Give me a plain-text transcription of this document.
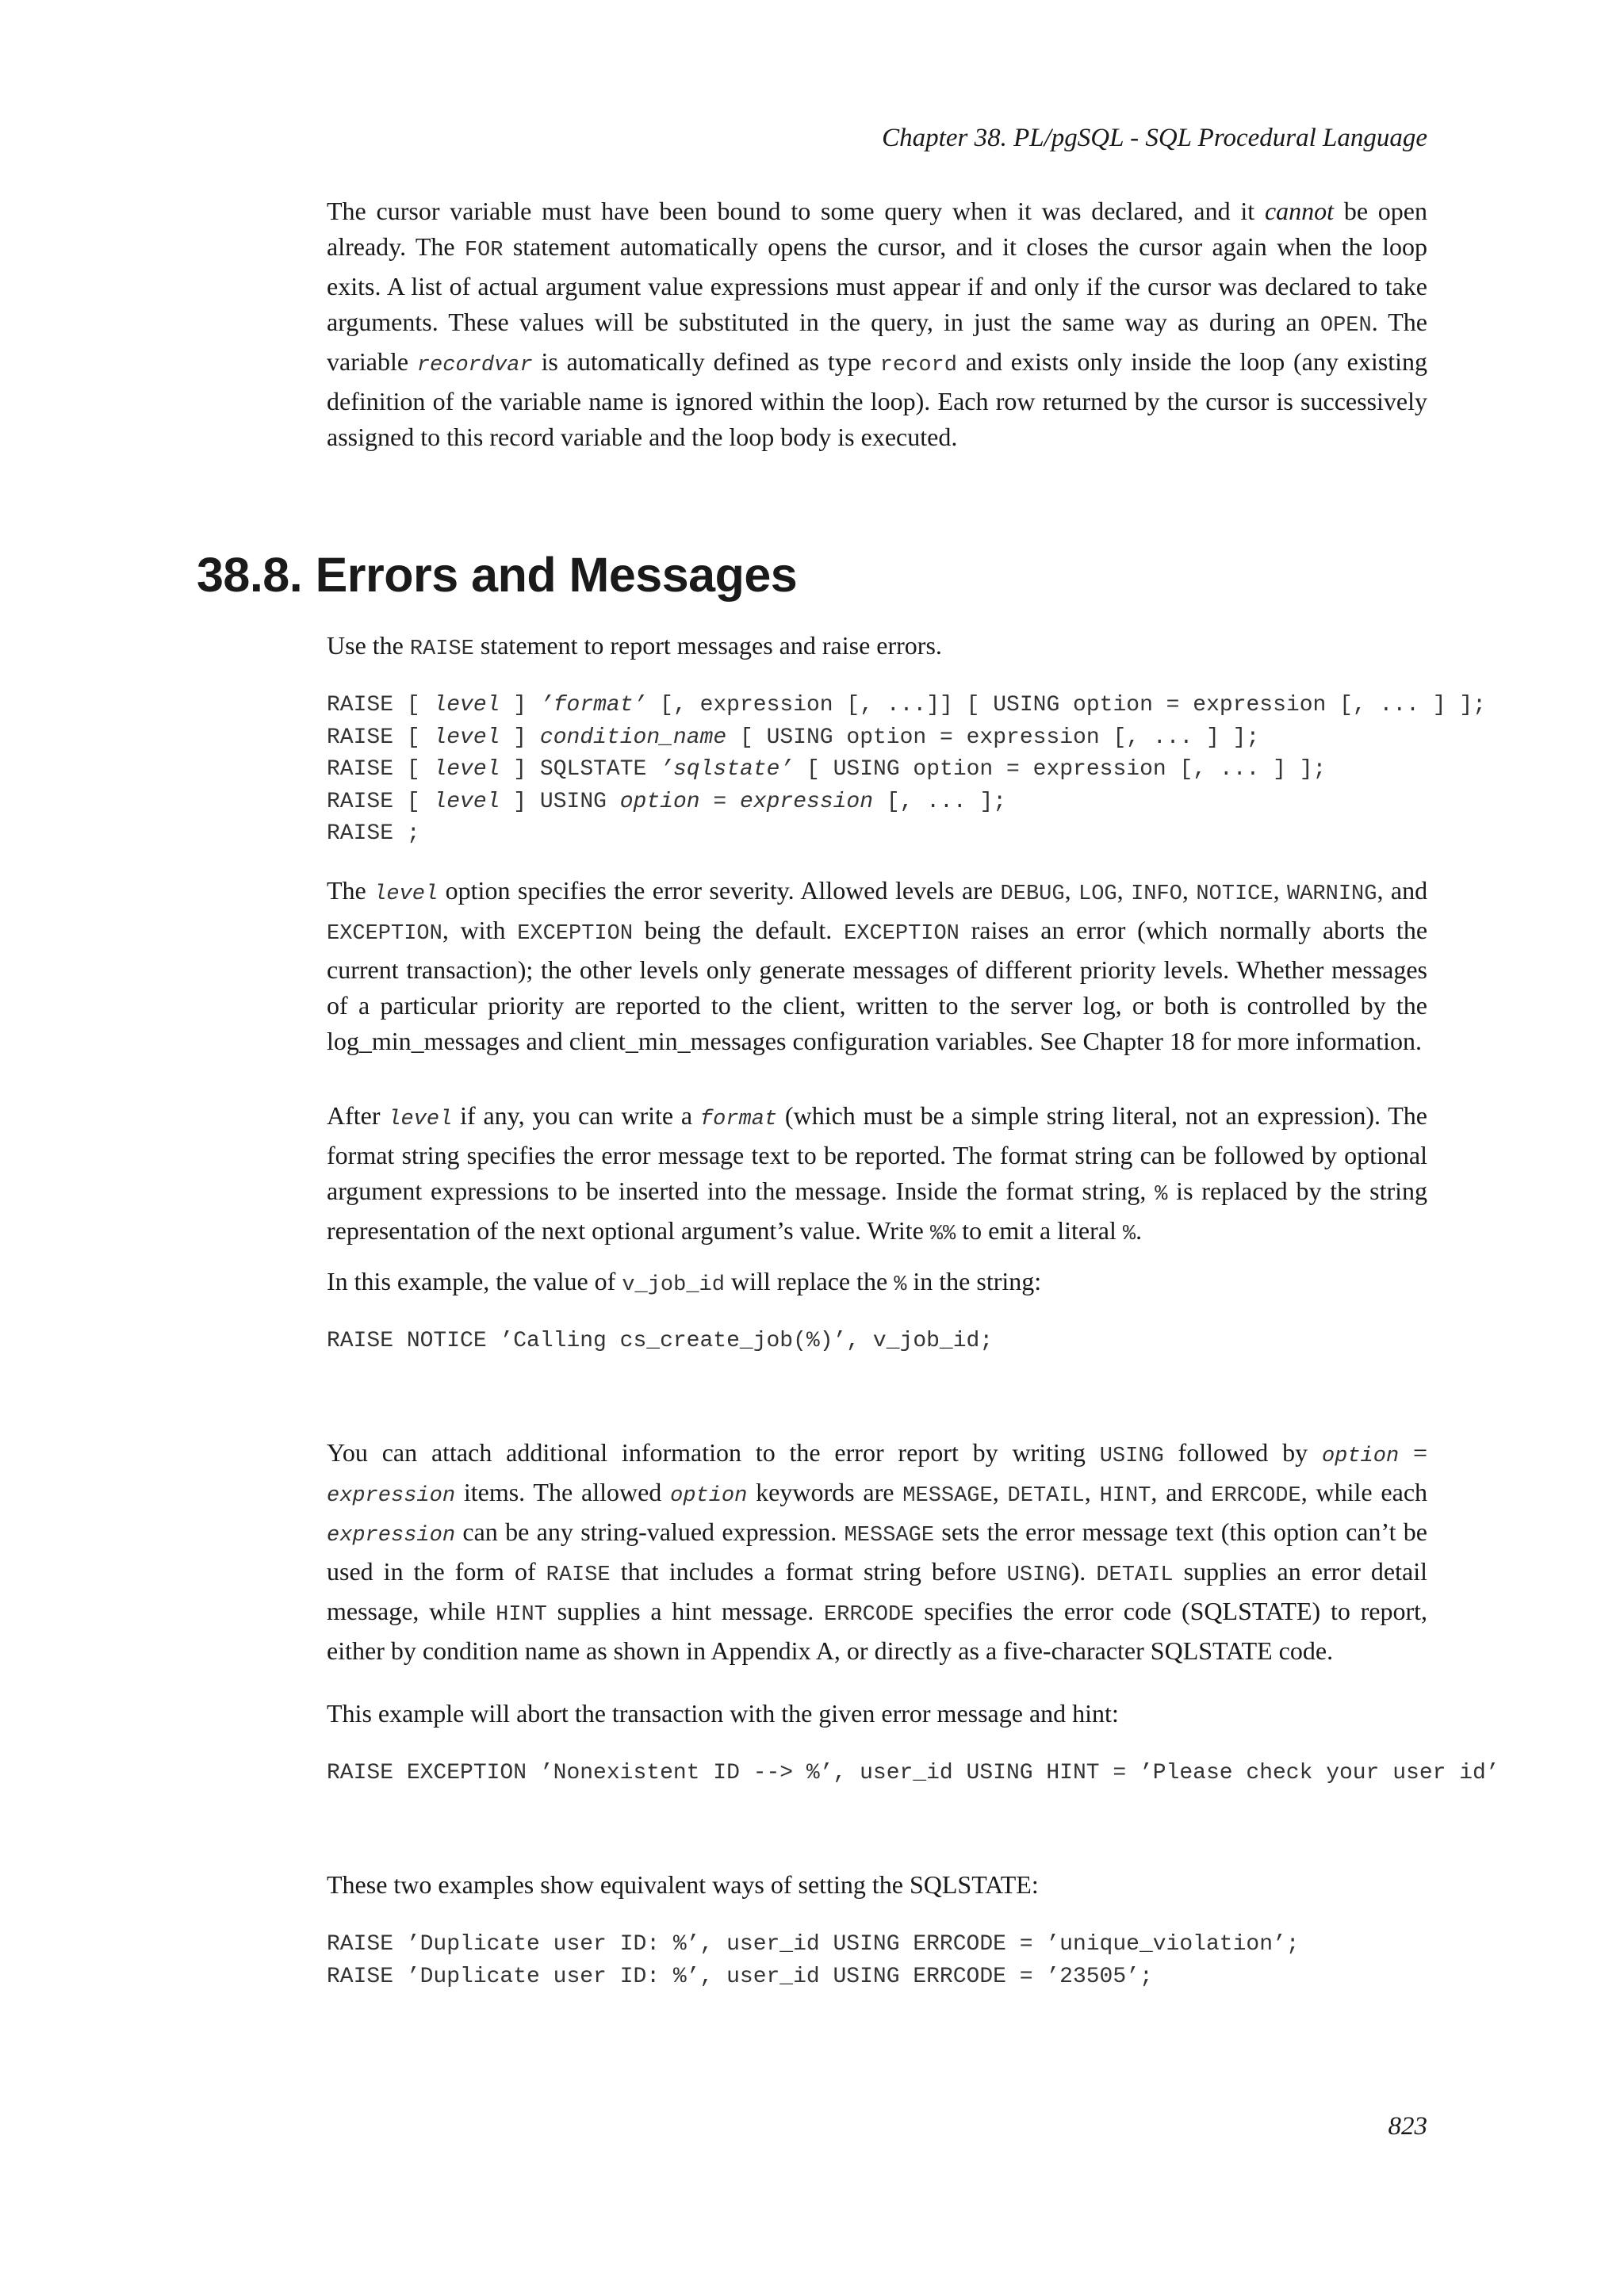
Chapter 38. PL/pgSQL - SQL Procedural Language

The cursor variable must have been bound to some query when it was declared, and it cannot be open already. The FOR statement automatically opens the cursor, and it closes the cursor again when the loop exits. A list of actual argument value expressions must appear if and only if the cursor was declared to take arguments. These values will be substituted in the query, in just the same way as during an OPEN. The variable recordvar is automatically defined as type record and exists only inside the loop (any existing definition of the variable name is ignored within the loop). Each row returned by the cursor is successively assigned to this record variable and the loop body is executed.

38.8. Errors and Messages

Use the RAISE statement to report messages and raise errors.

RAISE [ level ] ’format’ [, expression [, ...]] [ USING option = expression [, ... ] ];
RAISE [ level ] condition_name [ USING option = expression [, ... ] ];
RAISE [ level ] SQLSTATE ’sqlstate’ [ USING option = expression [, ... ] ];
RAISE [ level ] USING option = expression [, ... ];
RAISE ;

The level option specifies the error severity. Allowed levels are DEBUG, LOG, INFO, NOTICE, WARNING, and EXCEPTION, with EXCEPTION being the default. EXCEPTION raises an error (which normally aborts the current transaction); the other levels only generate messages of different priority levels. Whether messages of a particular priority are reported to the client, written to the server log, or both is controlled by the log_min_messages and client_min_messages configuration variables. See Chapter 18 for more information.

After level if any, you can write a format (which must be a simple string literal, not an expression). The format string specifies the error message text to be reported. The format string can be followed by optional argument expressions to be inserted into the message. Inside the format string, % is replaced by the string representation of the next optional argument’s value. Write %% to emit a literal %.

In this example, the value of v_job_id will replace the % in the string:

RAISE NOTICE ’Calling cs_create_job(%)’, v_job_id;

You can attach additional information to the error report by writing USING followed by option = expression items. The allowed option keywords are MESSAGE, DETAIL, HINT, and ERRCODE, while each expression can be any string-valued expression. MESSAGE sets the error message text (this option can’t be used in the form of RAISE that includes a format string before USING). DETAIL supplies an error detail message, while HINT supplies a hint message. ERRCODE specifies the error code (SQLSTATE) to report, either by condition name as shown in Appendix A, or directly as a five-character SQLSTATE code.

This example will abort the transaction with the given error message and hint:

RAISE EXCEPTION ’Nonexistent ID --> %’, user_id USING HINT = ’Please check your user id’

These two examples show equivalent ways of setting the SQLSTATE:

RAISE ’Duplicate user ID: %’, user_id USING ERRCODE = ’unique_violation’;
RAISE ’Duplicate user ID: %’, user_id USING ERRCODE = ’23505’;
823
